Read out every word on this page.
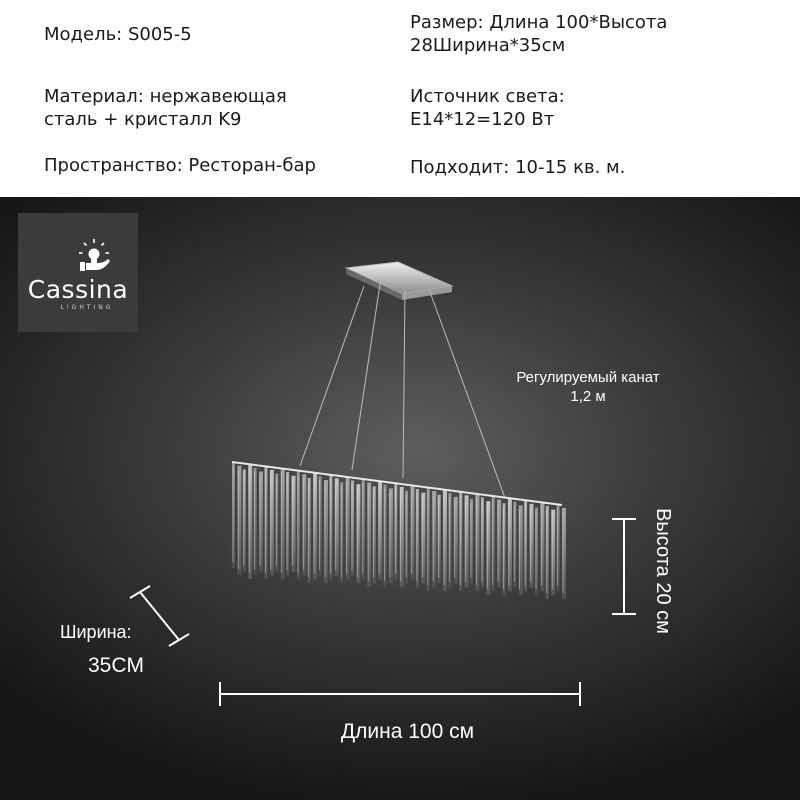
Модель: S005-5
Размер: Длина 100*Высота
28Ширина*35см
Материал: нержавеющая
сталь + кристалл K9
Источник света:
E14*12=120 Вт
Пространство: Ресторан-бар	Подходит: 10-15 кв. м.
Cassina
LIGHTING
Регулируемый канат
1,2 м
Высота 20 см
Ширина:
35CM
Длина 100 см
